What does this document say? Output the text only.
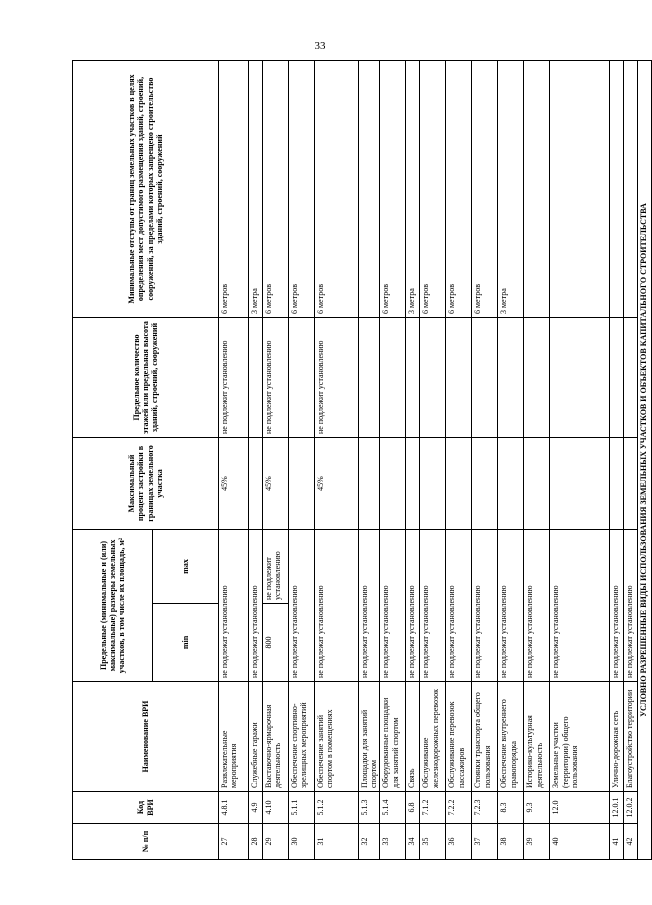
33
№ п/п	Код ВРИ	Наименование ВРИ	Предельные (минимальные и (или) максимальные) размеры земельных участков, в том числе их площадь, м²		Максимальный процент застройки в границах земельного участка	Предельное количество этажей или предельная высота зданий, строений, сооружений	Минимальные отступы от границ земельных участков в целях определения мест допустимого размещения зданий, строений, сооружений, за пределами которых запрещено строительство зданий, строений, сооружений
			min	max			
27	4.8.1	Развлекательные мероприятия	не подлежат установлению		45%	не подлежит установлению	6 метров
28	4.9	Служебные гаражи	не подлежат установлению				3 метра
29	4.10	Выставочно-ярмарочная деятельность	800	не подлежит установлению	45%	не подлежит установлению	6 метров
30	5.1.1	Обеспечение спортивно-зрелищных мероприятий	не подлежат установлению				6 метров
31	5.1.2	Обеспечение занятий спортом в помещениях	не подлежат установлению		45%	не подлежит установлению	6 метров
32	5.1.3	Площадки для занятий спортом	не подлежат установлению				
33	5.1.4	Оборудованные площадки для занятий спортом	не подлежат установлению				6 метров
34	6.8	Связь	не подлежат установлению				3 метра
35	7.1.2	Обслуживание железнодорожных перевозок	не подлежат установлению				6 метров
36	7.2.2	Обслуживание перевозок пассажиров	не подлежат установлению				6 метров
37	7.2.3	Стоянки транспорта общего пользования	не подлежат установлению				6 метров
38	8.3	Обеспечение внутреннего правопорядка	не подлежат установлению				3 метра
39	9.3	Историко-культурная деятельность	не подлежат установлению				
40	12.0	Земельные участки (территории) общего пользования	не подлежат установлению				
41	12.0.1	Улично-дорожная сеть	не подлежат установлению				
42	12.0.2	Благоустройство территории	не подлежат установлению				
УСЛОВНО РАЗРЕШЕННЫЕ ВИДЫ ИСПОЛЬЗОВАНИЯ ЗЕМЕЛЬНЫХ УЧАСТКОВ И ОБЪЕКТОВ КАПИТАЛЬНОГО СТРОИТЕЛЬСТВА							
